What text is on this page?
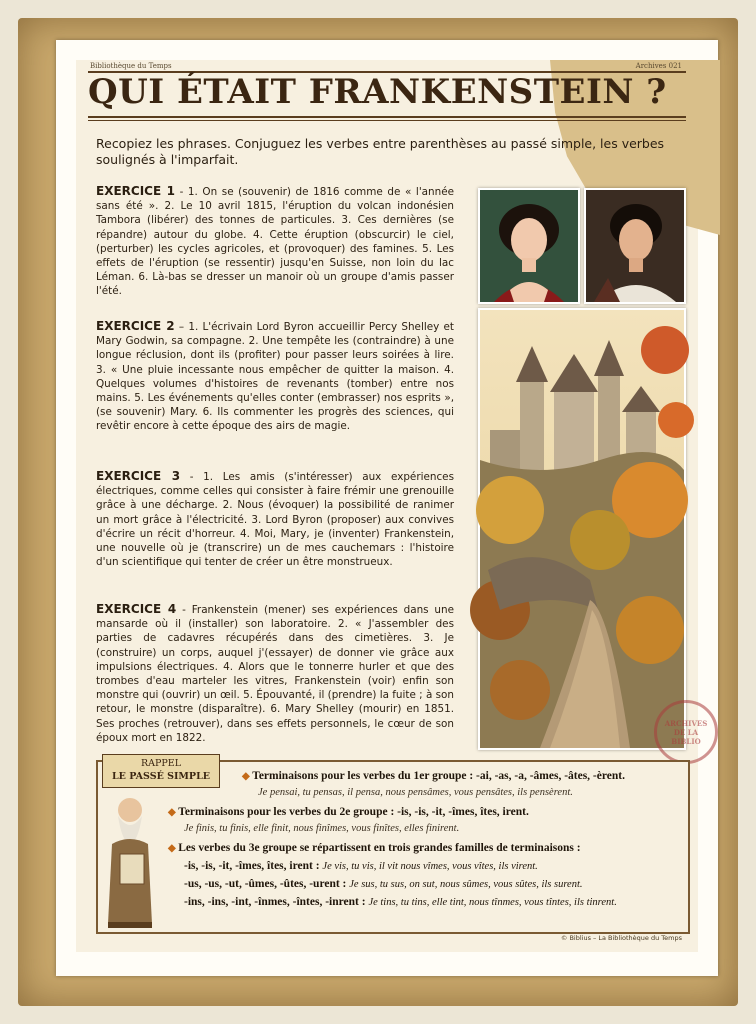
Bibliothèque du Temps	Archives 021
QUI ÉTAIT FRANKENSTEIN ?
Recopiez les phrases. Conjuguez les verbes entre parenthèses au passé simple, les verbes soulignés à l'imparfait.
EXERCICE 1 - 1. On se (souvenir) de 1816 comme de « l'année sans été ». 2. Le 10 avril 1815, l'éruption du volcan indonésien Tambora (libérer) des tonnes de particules. 3. Ces dernières (se répandre) autour du globe. 4. Cette éruption (obscurcir) le ciel, (perturber) les cycles agricoles, et (provoquer) des famines. 5. Les effets de l'éruption (se ressentir) jusqu'en Suisse, non loin du lac Léman. 6. Là-bas se dresser un manoir où un groupe d'amis passer l'été.
EXERCICE 2 – 1. L'écrivain Lord Byron accueillir Percy Shelley et Mary Godwin, sa compagne. 2. Une tempête les (contraindre) à une longue réclusion, dont ils (profiter) pour passer leurs soirées à lire. 3. « Une pluie incessante nous empêcher de quitter la maison. 4. Quelques volumes d'histoires de revenants (tomber) entre nos mains. 5. Les événements qu'elles conter (embrasser) nos esprits », (se souvenir) Mary. 6. Ils commenter les progrès des sciences, qui revêtir encore à cette époque des airs de magie.
EXERCICE 3 - 1. Les amis (s'intéresser) aux expériences électriques, comme celles qui consister à faire frémir une grenouille grâce à une décharge. 2. Nous (évoquer) la possibilité de ranimer un mort grâce à l'électricité. 3. Lord Byron (proposer) aux convives d'écrire un récit d'horreur. 4. Moi, Mary, je (inventer) Frankenstein, une nouvelle où je (transcrire) un de mes cauchemars : l'histoire d'un scientifique qui tenter de créer un être monstrueux.
EXERCICE 4 - Frankenstein (mener) ses expériences dans une mansarde où il (installer) son laboratoire. 2. « J'assembler des parties de cadavres récupérés dans des cimetières. 3. Je (construire) un corps, auquel j'(essayer) de donner vie grâce aux impulsions électriques. 4. Alors que le tonnerre hurler et que des trombes d'eau marteler les vitres, Frankenstein (voir) enfin son monstre qui (ouvrir) un œil. 5. Épouvanté, il (prendre) la fuite ; à son retour, le monstre (disparaître). 6. Mary Shelley (mourir) en 1851. Ses proches (retrouver), dans ses effets personnels, le cœur de son époux mort en 1822.
ARCHIVES DE LA BIBLIO
RAPPEL
LE PASSÉ SIMPLE	◆ Terminaisons pour les verbes du 1er groupe : -ai, -as, -a, -âmes, -âtes, -èrent.
Je pensai, tu pensas, il pensa, nous pensâmes, vous pensâtes, ils pensèrent.
◆ Terminaisons pour les verbes du 2e groupe : -is, -is, -it, -îmes, îtes, irent.
Je finis, tu finis, elle finit, nous finîmes, vous finîtes, elles finirent.
◆ Les verbes du 3e groupe se répartissent en trois grandes familles de terminaisons :
-is, -is, -it, -îmes, îtes, irent : Je vis, tu vis, il vit nous vîmes, vous vîtes, ils virent.
-us, -us, -ut, -ûmes, -ûtes, -urent : Je sus, tu sus, on sut, nous sûmes, vous sûtes, ils surent.
-ins, -ins, -int, -înmes, -întes, -inrent : Je tins, tu tins, elle tint, nous tînmes, vous tîntes, ils tinrent.
© Biblius – La Bibliothèque du Temps
